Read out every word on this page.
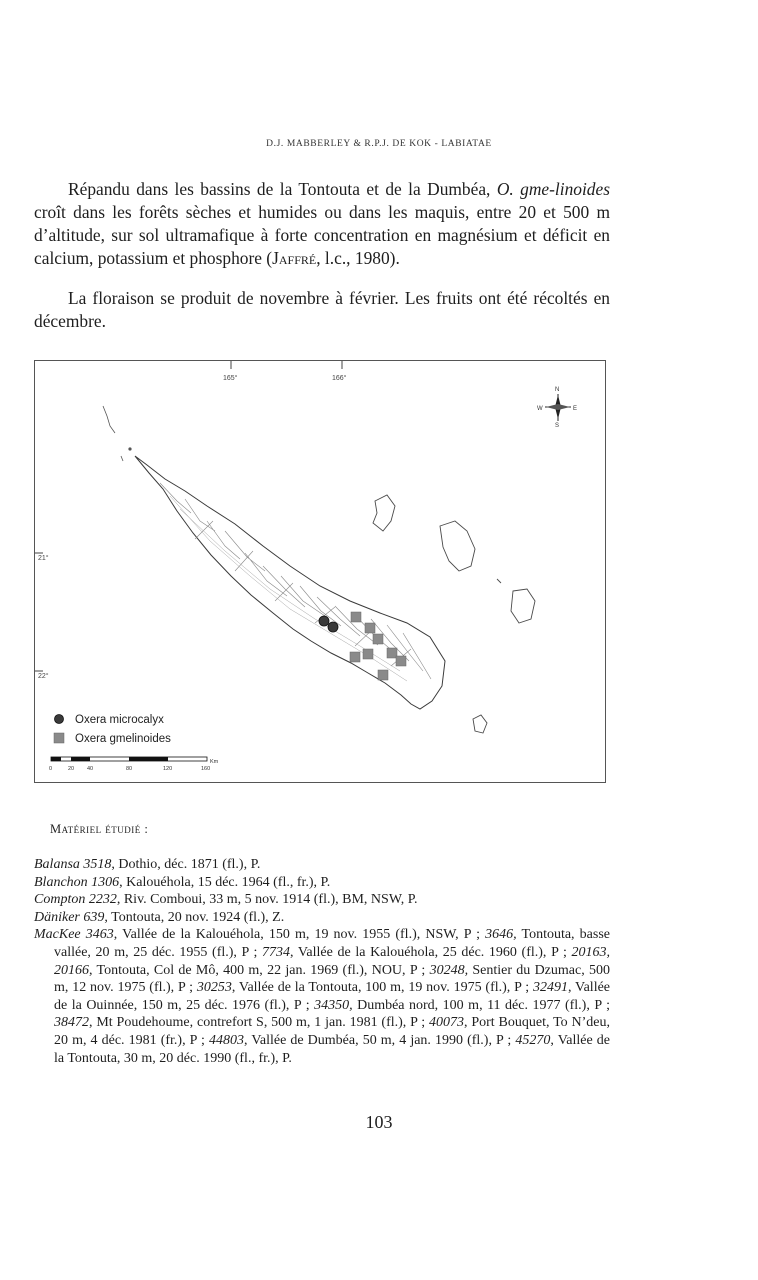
D.J. MABBERLEY & R.P.J. DE KOK - LABIATAE

Répandu dans les bassins de la Tontouta et de la Dumbéa, O. gme-linoides croît dans les forêts sèches et humides ou dans les maquis, entre 20 et 500 m d’altitude, sur sol ultramafique à forte concentration en magnésium et déficit en calcium, potassium et phosphore (Jaffré, l.c., 1980).

La floraison se produit de novembre à février. Les fruits ont été récoltés en décembre.

165°	166°
21°
22°
N
S
E
W
Oxera microcalyx
Oxera gmelinoides
0	20 40	80	120	160
Km
Matériel étudié :

Balansa 3518, Dothio, déc. 1871 (fl.), P.

Blanchon 1306, Kalouéhola, 15 déc. 1964 (fl., fr.), P.

Compton 2232, Riv. Comboui, 33 m, 5 nov. 1914 (fl.), BM, NSW, P.

Däniker 639, Tontouta, 20 nov. 1924 (fl.), Z.

MacKee 3463, Vallée de la Kalouéhola, 150 m, 19 nov. 1955 (fl.), NSW, P ; 3646, Tontouta, basse vallée, 20 m, 25 déc. 1955 (fl.), P ; 7734, Vallée de la Kalouéhola, 25 déc. 1960 (fl.), P ; 20163, 20166, Tontouta, Col de Mô, 400 m, 22 jan. 1969 (fl.), NOU, P ; 30248, Sentier du Dzumac, 500 m, 12 nov. 1975 (fl.), P ; 30253, Vallée de la Tontouta, 100 m, 19 nov. 1975 (fl.), P ; 32491, Vallée de la Ouinnée, 150 m, 25 déc. 1976 (fl.), P ; 34350, Dumbéa nord, 100 m, 11 déc. 1977 (fl.), P ; 38472, Mt Poudehoume, contrefort S, 500 m, 1 jan. 1981 (fl.), P ; 40073, Port Bouquet, To N’deu, 20 m, 4 déc. 1981 (fr.), P ; 44803, Vallée de Dumbéa, 50 m, 4 jan. 1990 (fl.), P ; 45270, Vallée de la Tontouta, 30 m, 20 déc. 1990 (fl., fr.), P.

103
